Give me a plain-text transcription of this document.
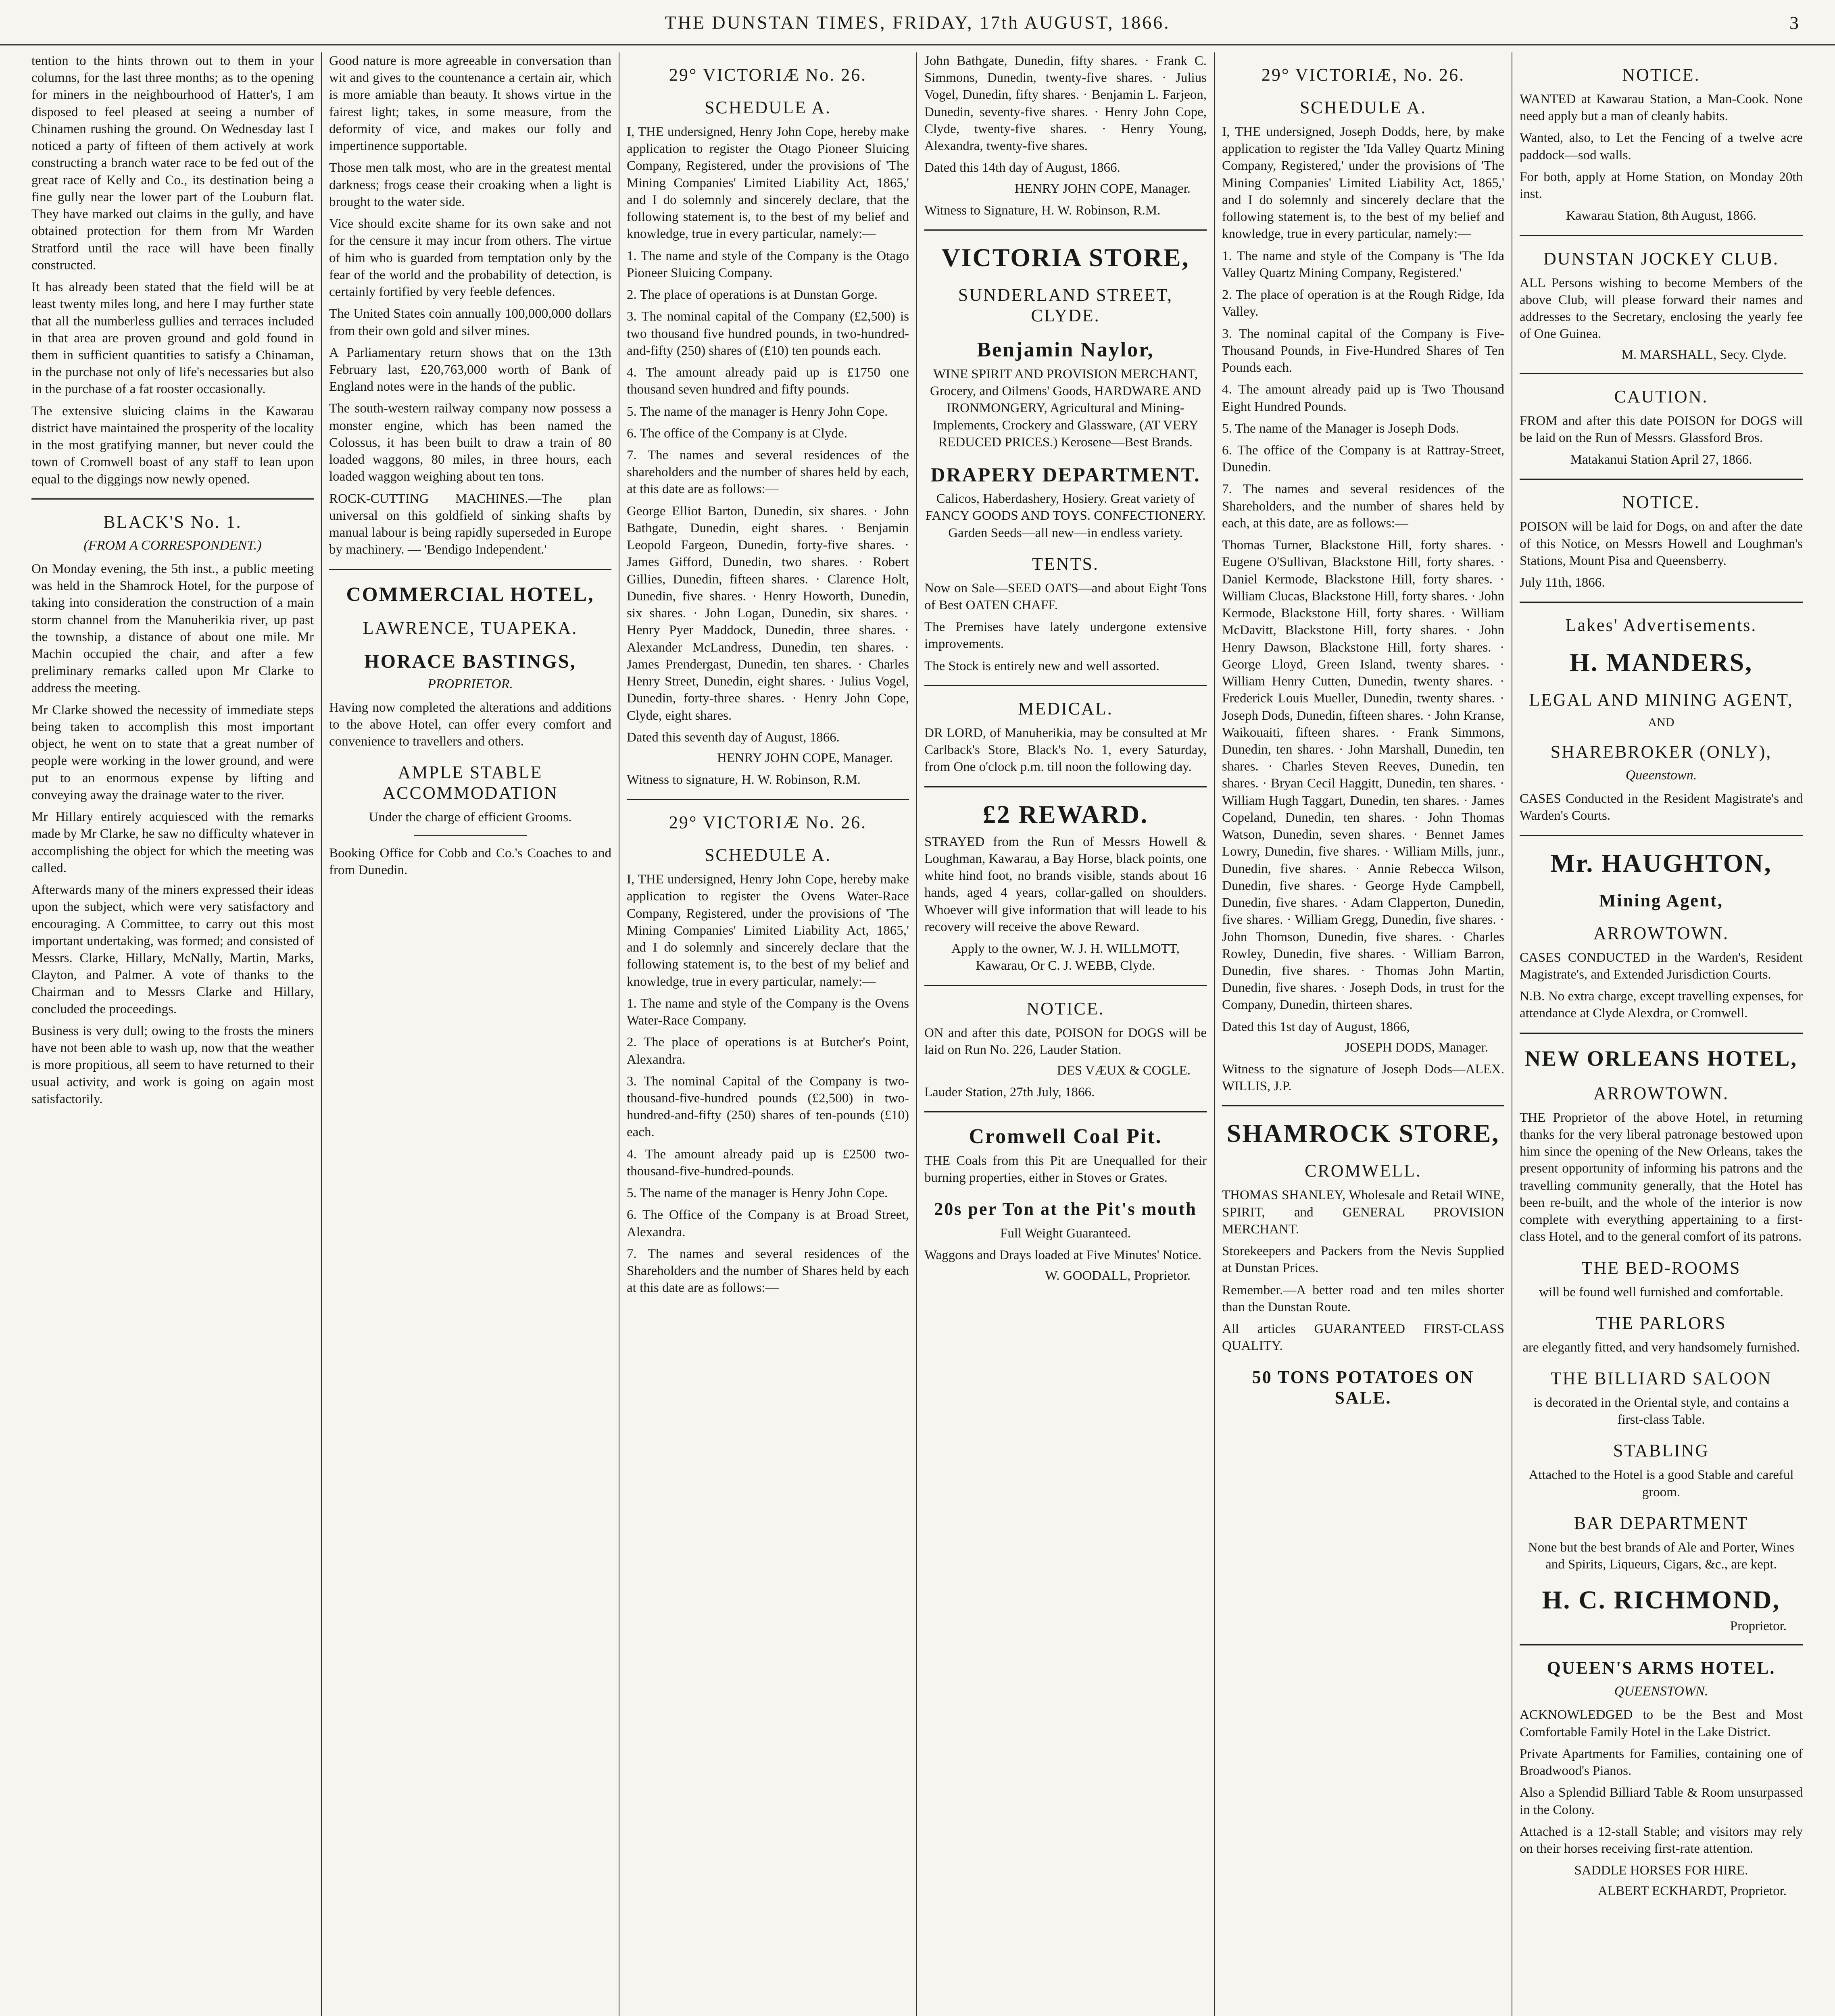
THE DUNSTAN TIMES, FRIDAY, 17th AUGUST, 1866.	3

tention to the hints thrown out to them in your columns, for the last three months; as to the opening for miners in the neighbourhood of Hatter's, I am disposed to feel pleased at seeing a number of Chinamen rushing the ground. On Wednesday last I noticed a party of fifteen of them actively at work constructing a branch water race to be fed out of the great race of Kelly and Co., its destination being a fine gully near the lower part of the Louburn flat. They have marked out claims in the gully, and have obtained protection for them from Mr Warden Stratford until the race will have been finally constructed.

It has already been stated that the field will be at least twenty miles long, and here I may further state that all the numberless gullies and terraces included in that area are proven ground and gold found in them in sufficient quantities to satisfy a Chinaman, in the purchase not only of life's necessaries but also in the purchase of a fat rooster occasionally.

The extensive sluicing claims in the Kawarau district have maintained the prosperity of the locality in the most gratifying manner, but never could the town of Cromwell boast of any staff to lean upon equal to the diggings now newly opened.

BLACK'S No. 1.
(FROM A CORRESPONDENT.)

On Monday evening, the 5th inst., a public meeting was held in the Shamrock Hotel, for the purpose of taking into consideration the construction of a main storm channel from the Manuherikia river, up past the township, a distance of about one mile. Mr Machin occupied the chair, and after a few preliminary remarks called upon Mr Clarke to address the meeting.

Mr Clarke showed the necessity of immediate steps being taken to accomplish this most important object, he went on to state that a great number of people were working in the lower ground, and were put to an enormous expense by lifting and conveying away the drainage water to the river.

Mr Hillary entirely acquiesced with the remarks made by Mr Clarke, he saw no difficulty whatever in accomplishing the object for which the meeting was called.

Afterwards many of the miners expressed their ideas upon the subject, which were very satisfactory and encouraging. A Committee, to carry out this most important undertaking, was formed; and consisted of Messrs. Clarke, Hillary, McNally, Martin, Marks, Clayton, and Palmer. A vote of thanks to the Chairman and to Messrs Clarke and Hillary, concluded the proceedings.

Business is very dull; owing to the frosts the miners have not been able to wash up, now that the weather is more propitious, all seem to have returned to their usual activity, and work is going on again most satisfactorily.

Good nature is more agreeable in conversation than wit and gives to the countenance a certain air, which is more amiable than beauty. It shows virtue in the fairest light; takes, in some measure, from the deformity of vice, and makes our folly and impertinence supportable.

Those men talk most, who are in the greatest mental darkness; frogs cease their croaking when a light is brought to the water side.

Vice should excite shame for its own sake and not for the censure it may incur from others. The virtue of him who is guarded from temptation only by the fear of the world and the probability of detection, is certainly fortified by very feeble defences.

The United States coin annually 100,000,000 dollars from their own gold and silver mines.

A Parliamentary return shows that on the 13th February last, £20,763,000 worth of Bank of England notes were in the hands of the public.

The south-western railway company now possess a monster engine, which has been named the Colossus, it has been built to draw a train of 80 loaded waggons, 80 miles, in three hours, each loaded waggon weighing about ten tons.

ROCK-CUTTING MACHINES.—The plan universal on this goldfield of sinking shafts by manual labour is being rapidly superseded in Europe by machinery. — 'Bendigo Independent.'

COMMERCIAL HOTEL,
LAWRENCE, TUAPEKA.
HORACE BASTINGS,
PROPRIETOR.

Having now completed the alterations and additions to the above Hotel, can offer every comfort and convenience to travellers and others.

AMPLE STABLE ACCOMMODATION

Under the charge of efficient Grooms.

Booking Office for Cobb and Co.'s Coaches to and from Dunedin.

29° VICTORIÆ No. 26.
SCHEDULE A.

I, THE undersigned, Henry John Cope, hereby make application to register the Otago Pioneer Sluicing Company, Registered, under the provisions of 'The Mining Companies' Limited Liability Act, 1865,' and I do solemnly and sincerely declare, that the following statement is, to the best of my belief and knowledge, true in every particular, namely:—

1. The name and style of the Company is the Otago Pioneer Sluicing Company.

2. The place of operations is at Dunstan Gorge.

3. The nominal capital of the Company (£2,500) is two thousand five hundred pounds, in two-hundred-and-fifty (250) shares of (£10) ten pounds each.

4. The amount already paid up is £1750 one thousand seven hundred and fifty pounds.

5. The name of the manager is Henry John Cope.

6. The office of the Company is at Clyde.

7. The names and several residences of the shareholders and the number of shares held by each, at this date are as follows:—

George Elliot Barton, Dunedin, six shares. · John Bathgate, Dunedin, eight shares. · Benjamin Leopold Fargeon, Dunedin, forty-five shares. · James Gifford, Dunedin, two shares. · Robert Gillies, Dunedin, fifteen shares. · Clarence Holt, Dunedin, five shares. · Henry Howorth, Dunedin, six shares. · John Logan, Dunedin, six shares. · Henry Pyer Maddock, Dunedin, three shares. · Alexander McLandress, Dunedin, ten shares. · James Prendergast, Dunedin, ten shares. · Charles Henry Street, Dunedin, eight shares. · Julius Vogel, Dunedin, forty-three shares. · Henry John Cope, Clyde, eight shares.

Dated this seventh day of August, 1866.

HENRY JOHN COPE, Manager.

Witness to signature, H. W. Robinson, R.M.

29° VICTORIÆ No. 26.
SCHEDULE A.

I, THE undersigned, Henry John Cope, hereby make application to register the Ovens Water-Race Company, Registered, under the provisions of 'The Mining Companies' Limited Liability Act, 1865,' and I do solemnly and sincerely declare that the following statement is, to the best of my belief and knowledge, true in every particular, namely:—

1. The name and style of the Company is the Ovens Water-Race Company.

2. The place of operations is at Butcher's Point, Alexandra.

3. The nominal Capital of the Company is two-thousand-five-hundred pounds (£2,500) in two-hundred-and-fifty (250) shares of ten-pounds (£10) each.

4. The amount already paid up is £2500 two-thousand-five-hundred-pounds.

5. The name of the manager is Henry John Cope.

6. The Office of the Company is at Broad Street, Alexandra.

7. The names and several residences of the Shareholders and the number of Shares held by each at this date are as follows:—

John Bathgate, Dunedin, fifty shares. · Frank C. Simmons, Dunedin, twenty-five shares. · Julius Vogel, Dunedin, fifty shares. · Benjamin L. Farjeon, Dunedin, seventy-five shares. · Henry John Cope, Clyde, twenty-five shares. · Henry Young, Alexandra, twenty-five shares.

Dated this 14th day of August, 1866.

HENRY JOHN COPE, Manager.

Witness to Signature, H. W. Robinson, R.M.

VICTORIA STORE,
SUNDERLAND STREET, CLYDE.
Benjamin Naylor,

WINE SPIRIT AND PROVISION MERCHANT, Grocery, and Oilmens' Goods, HARDWARE AND IRONMONGERY, Agricultural and Mining-Implements, Crockery and Glassware, (AT VERY REDUCED PRICES.) Kerosene—Best Brands.

DRAPERY DEPARTMENT.

Calicos, Haberdashery, Hosiery. Great variety of FANCY GOODS AND TOYS. CONFECTIONERY. Garden Seeds—all new—in endless variety.

TENTS.

Now on Sale—SEED OATS—and about Eight Tons of Best OATEN CHAFF.

The Premises have lately undergone extensive improvements.

The Stock is entirely new and well assorted.

MEDICAL.

DR LORD, of Manuherikia, may be consulted at Mr Carlback's Store, Black's No. 1, every Saturday, from One o'clock p.m. till noon the following day.

£2 REWARD.

STRAYED from the Run of Messrs Howell & Loughman, Kawarau, a Bay Horse, black points, one white hind foot, no brands visible, stands about 16 hands, aged 4 years, collar-galled on shoulders. Whoever will give information that will leade to his recovery will receive the above Reward.

Apply to the owner, W. J. H. WILLMOTT, Kawarau, Or C. J. WEBB, Clyde.

NOTICE.

ON and after this date, POISON for DOGS will be laid on Run No. 226, Lauder Station.

DES VÆUX & COGLE.

Lauder Station, 27th July, 1866.

Cromwell Coal Pit.

THE Coals from this Pit are Unequalled for their burning properties, either in Stoves or Grates.

20s per Ton at the Pit's mouth

Full Weight Guaranteed.

Waggons and Drays loaded at Five Minutes' Notice.

W. GOODALL, Proprietor.
29° VICTORIÆ, No. 26.
SCHEDULE A.

I, THE undersigned, Joseph Dodds, here, by make application to register the 'Ida Valley Quartz Mining Company, Registered,' under the provisions of 'The Mining Companies' Limited Liability Act, 1865,' and I do solemnly and sincerely declare that the following statement is, to the best of my belief and knowledge, true in every particular, namely:—

1. The name and style of the Company is 'The Ida Valley Quartz Mining Company, Registered.'

2. The place of operation is at the Rough Ridge, Ida Valley.

3. The nominal capital of the Company is Five-Thousand Pounds, in Five-Hundred Shares of Ten Pounds each.

4. The amount already paid up is Two Thousand Eight Hundred Pounds.

5. The name of the Manager is Joseph Dods.

6. The office of the Company is at Rattray-Street, Dunedin.

7. The names and several residences of the Shareholders, and the number of shares held by each, at this date, are as follows:—

Thomas Turner, Blackstone Hill, forty shares. · Eugene O'Sullivan, Blackstone Hill, forty shares. · Daniel Kermode, Blackstone Hill, forty shares. · William Clucas, Blackstone Hill, forty shares. · John Kermode, Blackstone Hill, forty shares. · William McDavitt, Blackstone Hill, forty shares. · John Henry Dawson, Blackstone Hill, forty shares. · George Lloyd, Green Island, twenty shares. · William Henry Cutten, Dunedin, twenty shares. · Frederick Louis Mueller, Dunedin, twenty shares. · Joseph Dods, Dunedin, fifteen shares. · John Kranse, Waikouaiti, fifteen shares. · Frank Simmons, Dunedin, ten shares. · John Marshall, Dunedin, ten shares. · Charles Steven Reeves, Dunedin, ten shares. · Bryan Cecil Haggitt, Dunedin, ten shares. · William Hugh Taggart, Dunedin, ten shares. · James Copeland, Dunedin, ten shares. · John Thomas Watson, Dunedin, seven shares. · Bennet James Lowry, Dunedin, five shares. · William Mills, junr., Dunedin, five shares. · Annie Rebecca Wilson, Dunedin, five shares. · George Hyde Campbell, Dunedin, five shares. · Adam Clapperton, Dunedin, five shares. · William Gregg, Dunedin, five shares. · John Thomson, Dunedin, five shares. · Charles Rowley, Dunedin, five shares. · William Barron, Dunedin, five shares. · Thomas John Martin, Dunedin, five shares. · Joseph Dods, in trust for the Company, Dunedin, thirteen shares.

Dated this 1st day of August, 1866,

JOSEPH DODS, Manager.

Witness to the signature of Joseph Dods—ALEX. WILLIS, J.P.

SHAMROCK STORE,
CROMWELL.

THOMAS SHANLEY, Wholesale and Retail WINE, SPIRIT, and GENERAL PROVISION MERCHANT.

Storekeepers and Packers from the Nevis Supplied at Dunstan Prices.

Remember.—A better road and ten miles shorter than the Dunstan Route.

All articles GUARANTEED FIRST-CLASS QUALITY.

50 TONS POTATOES ON SALE.
NOTICE.

WANTED at Kawarau Station, a Man-Cook. None need apply but a man of cleanly habits.

Wanted, also, to Let the Fencing of a twelve acre paddock—sod walls.

For both, apply at Home Station, on Monday 20th inst.

Kawarau Station, 8th August, 1866.

DUNSTAN JOCKEY CLUB.

ALL Persons wishing to become Members of the above Club, will please forward their names and addresses to the Secretary, enclosing the yearly fee of One Guinea.

M. MARSHALL, Secy. Clyde.
CAUTION.

FROM and after this date POISON for DOGS will be laid on the Run of Messrs. Glassford Bros.

Matakanui Station April 27, 1866.

NOTICE.

POISON will be laid for Dogs, on and after the date of this Notice, on Messrs Howell and Loughman's Stations, Mount Pisa and Queensberry.

July 11th, 1866.

Lakes' Advertisements.
H. MANDERS,
LEGAL AND MINING AGENT,
AND
SHAREBROKER (ONLY),
Queenstown.

CASES Conducted in the Resident Magistrate's and Warden's Courts.

Mr. HAUGHTON,
Mining Agent,
ARROWTOWN.

CASES CONDUCTED in the Warden's, Resident Magistrate's, and Extended Jurisdiction Courts.

N.B. No extra charge, except travelling expenses, for attendance at Clyde Alexdra, or Cromwell.

NEW ORLEANS HOTEL,
ARROWTOWN.

THE Proprietor of the above Hotel, in returning thanks for the very liberal patronage bestowed upon him since the opening of the New Orleans, takes the present opportunity of informing his patrons and the travelling community generally, that the Hotel has been re-built, and the whole of the interior is now complete with everything appertaining to a first-class Hotel, and to the general comfort of its patrons.

THE BED-ROOMS

will be found well furnished and comfortable.

THE PARLORS

are elegantly fitted, and very handsomely furnished.

THE BILLIARD SALOON

is decorated in the Oriental style, and contains a first-class Table.

STABLING

Attached to the Hotel is a good Stable and careful groom.

BAR DEPARTMENT

None but the best brands of Ale and Porter, Wines and Spirits, Liqueurs, Cigars, &c., are kept.

H. C. RICHMOND,
Proprietor.
QUEEN'S ARMS HOTEL.
QUEENSTOWN.

ACKNOWLEDGED to be the Best and Most Comfortable Family Hotel in the Lake District.

Private Apartments for Families, containing one of Broadwood's Pianos.

Also a Splendid Billiard Table & Room unsurpassed in the Colony.

Attached is a 12-stall Stable; and visitors may rely on their horses receiving first-rate attention.

SADDLE HORSES FOR HIRE.

ALBERT ECKHARDT, Proprietor.
